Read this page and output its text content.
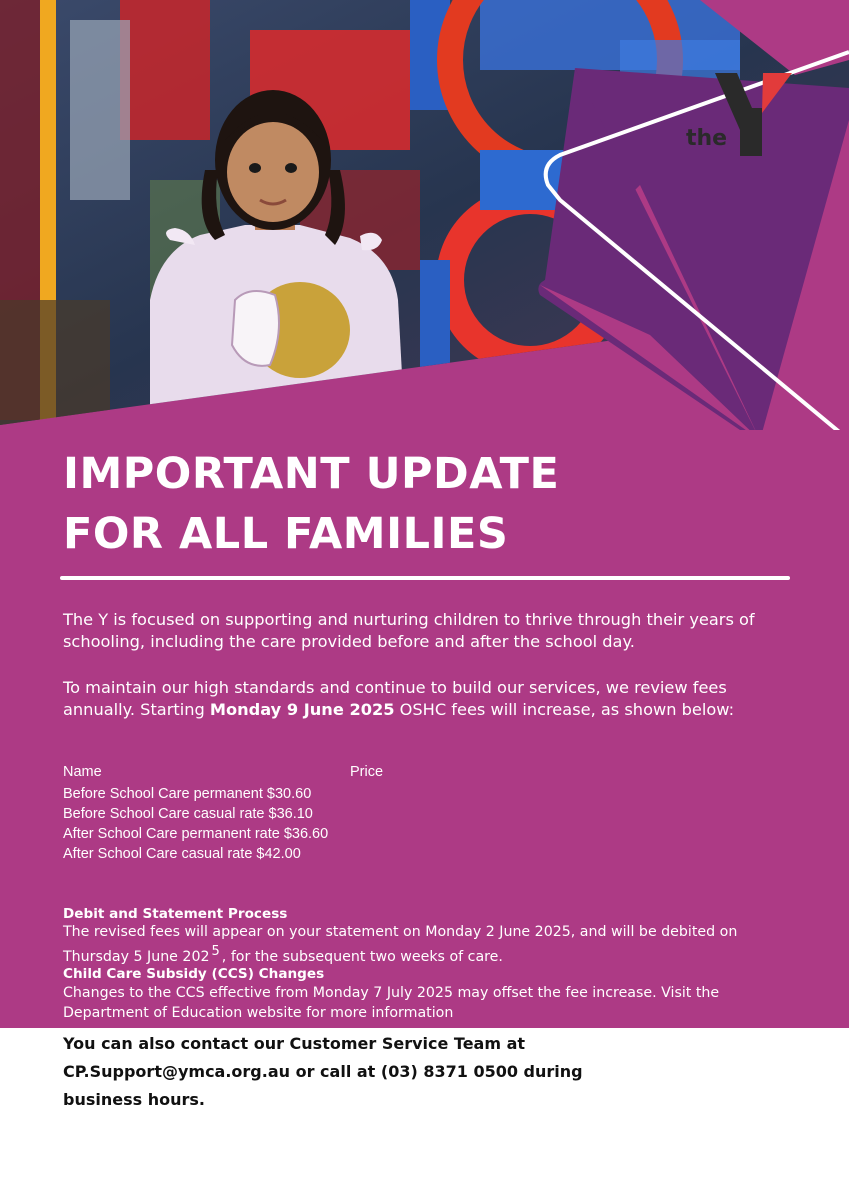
the
IMPORTANT UPDATE
FOR ALL FAMILIES

The Y is focused on supporting and nurturing children to thrive through their years of schooling, including the care provided before and after the school day.

To maintain our high standards and continue to build our services, we review fees annually. Starting Monday 9 June 2025 OSHC fees will increase, as shown below:

Name	Price
Before School Care permanent $30.60
Before School Care casual rate $36.10
After School Care permanent rate $36.60
After School Care casual rate $42.00
Debit and Statement Process

The revised fees will appear on your statement on Monday 2 June 2025, and will be debited on Thursday 5 June 202 $^5$ , for the subsequent two weeks of care.

Child Care Subsidy (CCS) Changes

Changes to the CCS effective from Monday 7 July 2025 may offset the fee increase. Visit the Department of Education website for more information

You can also contact our Customer Service Team at CP.Support@ymca.org.au or call at (03) 8371 0500 during business hours.
